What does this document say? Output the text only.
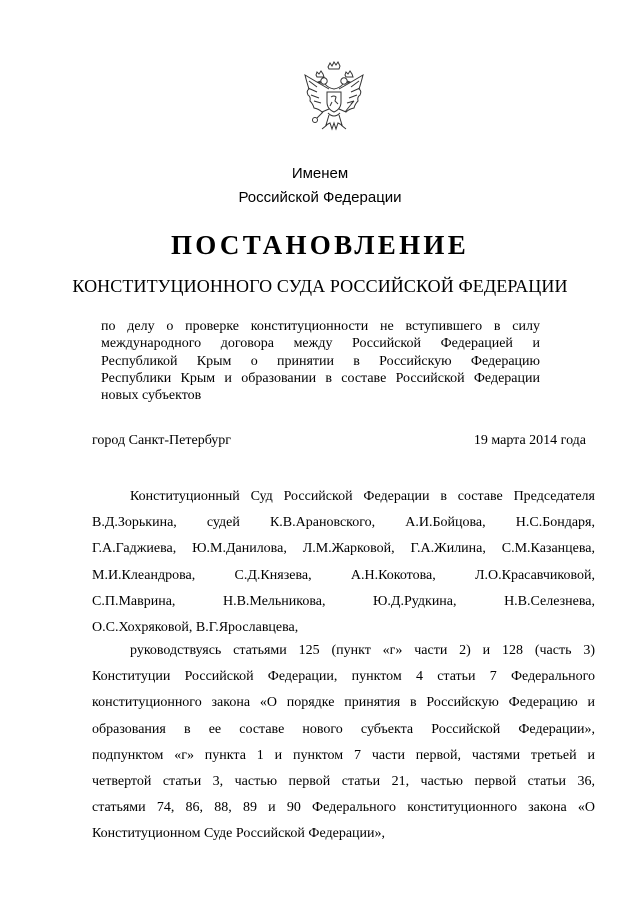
Именем
Российской Федерации
ПОСТАНОВЛЕНИЕ
КОНСТИТУЦИОННОГО СУДА РОССИЙСКОЙ ФЕДЕРАЦИИ
по делу о проверке конституционности не вступившего в силу
международного договора между Российской Федерацией и
Республикой Крым о принятии в Российскую Федерацию
Республики Крым и образовании в составе Российской Федерации
новых субъектов
город Санкт-Петербург	19 марта 2014 года
Конституционный Суд Российской Федерации в составе Председателя
В.Д.Зорькина, судей К.В.Арановского, А.И.Бойцова, Н.С.Бондаря,
Г.А.Гаджиева, Ю.М.Данилова, Л.М.Жарковой, Г.А.Жилина, С.М.Казанцева,
М.И.Клеандрова, С.Д.Князева, А.Н.Кокотова, Л.О.Красавчиковой,
С.П.Маврина, Н.В.Мельникова, Ю.Д.Рудкина, Н.В.Селезнева,
О.С.Хохряковой, В.Г.Ярославцева,
руководствуясь статьями 125 (пункт «г» части 2) и 128 (часть 3)
Конституции Российской Федерации, пунктом 4 статьи 7 Федерального
конституционного закона «О порядке принятия в Российскую Федерацию и
образования в ее составе нового субъекта Российской Федерации»,
подпунктом «г» пункта 1 и пунктом 7 части первой, частями третьей и
четвертой статьи 3, частью первой статьи 21, частью первой статьи 36,
статьями 74, 86, 88, 89 и 90 Федерального конституционного закона «О
Конституционном Суде Российской Федерации»,
